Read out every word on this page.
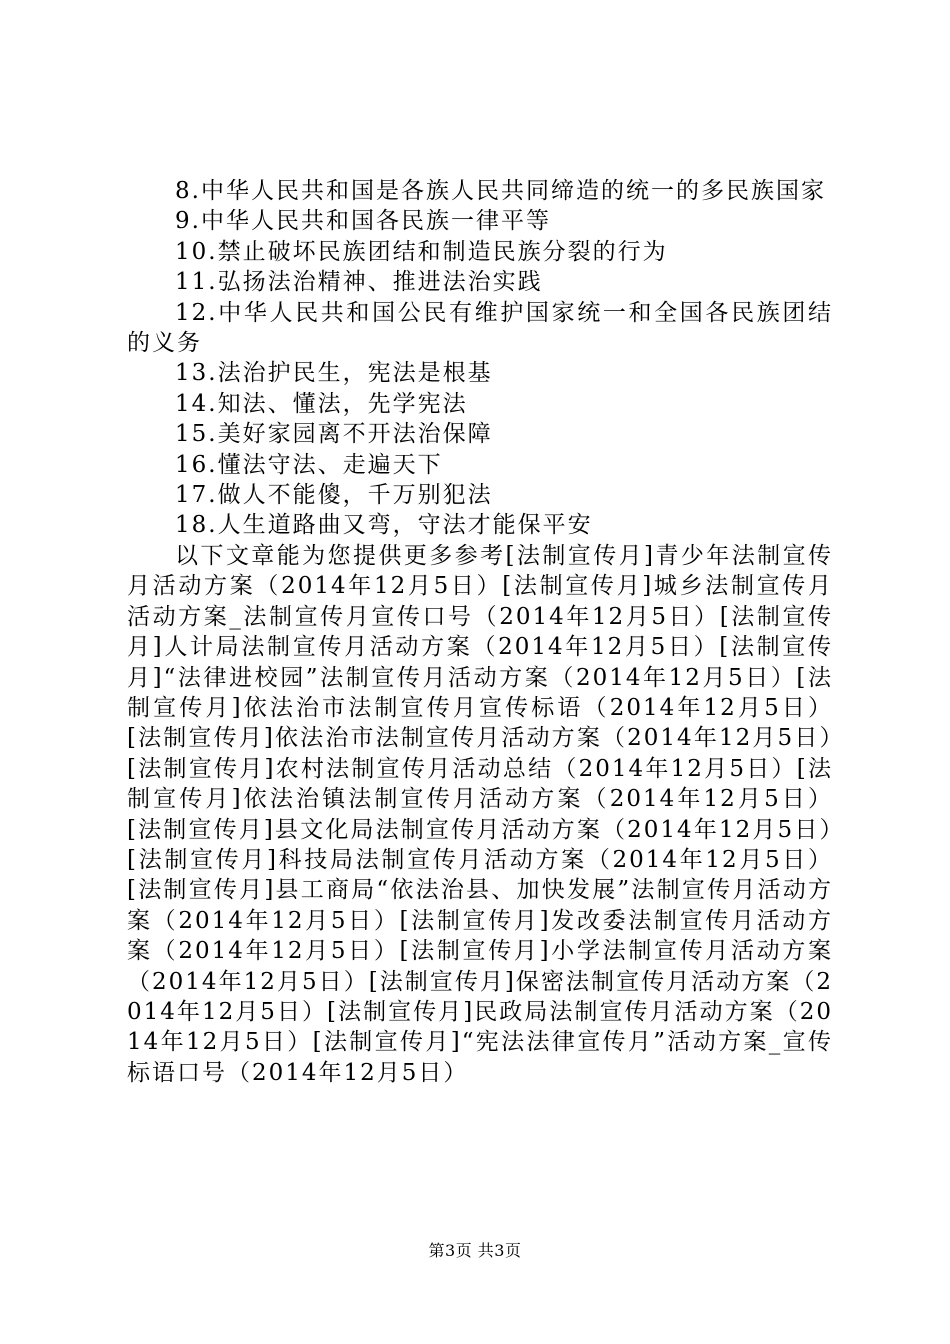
8.中华人民共和国是各族人民共同缔造的统一的多民族国家

9.中华人民共和国各民族一律平等

10.禁止破坏民族团结和制造民族分裂的行为

11.弘扬法治精神、推进法治实践

12.中华人民共和国公民有维护国家统一和全国各民族团结的义务

13.法治护民生，宪法是根基

14.知法、懂法，先学宪法

15.美好家园离不开法治保障

16.懂法守法、走遍天下

17.做人不能傻，千万别犯法

18.人生道路曲又弯，守法才能保平安

以下文章能为您提供更多参考[法制宣传月]青少年法制宣传月活动方案（2014年12月5日）[法制宣传月]城乡法制宣传月活动方案_法制宣传月宣传口号（2014年12月5日）[法制宣传月]人计局法制宣传月活动方案（2014年12月5日）[法制宣传月]“法律进校园”法制宣传月活动方案（2014年12月5日）[法制宣传月]依法治市法制宣传月宣传标语（2014年12月5日）[法制宣传月]依法治市法制宣传月活动方案（2014年12月5日）[法制宣传月]农村法制宣传月活动总结（2014年12月5日）[法制宣传月]依法治镇法制宣传月活动方案（2014年12月5日）[法制宣传月]县文化局法制宣传月活动方案（2014年12月5日）[法制宣传月]科技局法制宣传月活动方案（2014年12月5日）[法制宣传月]县工商局“依法治县、加快发展”法制宣传月活动方案（2014年12月5日）[法制宣传月]发改委法制宣传月活动方案（2014年12月5日）[法制宣传月]小学法制宣传月活动方案（2014年12月5日）[法制宣传月]保密法制宣传月活动方案（2014年12月5日）[法制宣传月]民政局法制宣传月活动方案（2014年12月5日）[法制宣传月]“宪法法律宣传月”活动方案_宣传标语口号（2014年12月5日）

第3页 共3页
